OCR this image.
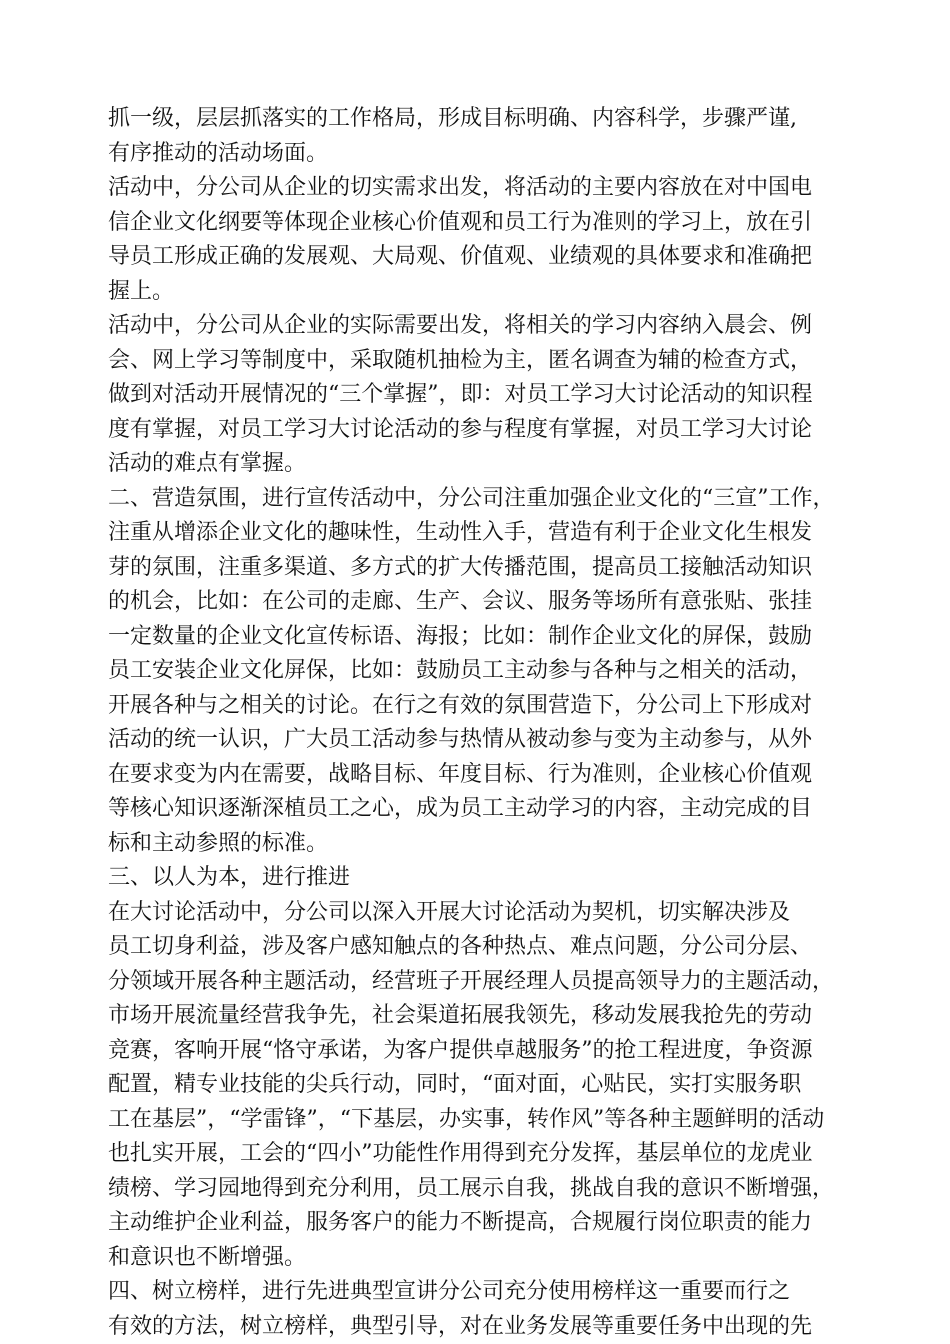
抓一级，层层抓落实的工作格局，形成目标明确、内容科学，步骤严谨,
有序推动的活动场面。
活动中，分公司从企业的切实需求出发，将活动的主要内容放在对中国电
信企业文化纲要等体现企业核心价值观和员工行为准则的学习上，放在引
导员工形成正确的发展观、大局观、价值观、业绩观的具体要求和准确把
握上。
活动中，分公司从企业的实际需要出发，将相关的学习内容纳入晨会、例
会、网上学习等制度中，采取随机抽检为主，匿名调查为辅的检查方式，
做到对活动开展情况的“三个掌握”，即：对员工学习大讨论活动的知识程
度有掌握，对员工学习大讨论活动的参与程度有掌握，对员工学习大讨论
活动的难点有掌握。
二、营造氛围，进行宣传活动中，分公司注重加强企业文化的“三宣”工作，
注重从增添企业文化的趣味性，生动性入手，营造有利于企业文化生根发
芽的氛围，注重多渠道、多方式的扩大传播范围，提高员工接触活动知识
的机会，比如：在公司的走廊、生产、会议、服务等场所有意张贴、张挂
一定数量的企业文化宣传标语、海报；比如：制作企业文化的屏保，鼓励
员工安装企业文化屏保，比如：鼓励员工主动参与各种与之相关的活动，
开展各种与之相关的讨论。在行之有效的氛围营造下，分公司上下形成对
活动的统一认识，广大员工活动参与热情从被动参与变为主动参与，从外
在要求变为内在需要，战略目标、年度目标、行为准则，企业核心价值观
等核心知识逐渐深植员工之心，成为员工主动学习的内容，主动完成的目
标和主动参照的标准。
三、以人为本，进行推进
在大讨论活动中，分公司以深入开展大讨论活动为契机，切实解决涉及
员工切身利益，涉及客户感知触点的各种热点、难点问题，分公司分层、
分领域开展各种主题活动，经营班子开展经理人员提高领导力的主题活动，
市场开展流量经营我争先，社会渠道拓展我领先，移动发展我抢先的劳动
竞赛，客响开展“恪守承诺，为客户提供卓越服务”的抢工程进度，争资源
配置，精专业技能的尖兵行动，同时，“面对面，心贴民，实打实服务职
工在基层”，“学雷锋”，“下基层，办实事，转作风”等各种主题鲜明的活动
也扎实开展，工会的“四小”功能性作用得到充分发挥，基层单位的龙虎业
绩榜、学习园地得到充分利用，员工展示自我，挑战自我的意识不断增强，
主动维护企业利益，服务客户的能力不断提高，合规履行岗位职责的能力
和意识也不断增强。
四、树立榜样，进行先进典型宣讲分公司充分使用榜样这一重要而行之
有效的方法，树立榜样，典型引导，对在业务发展等重要任务中出现的先
